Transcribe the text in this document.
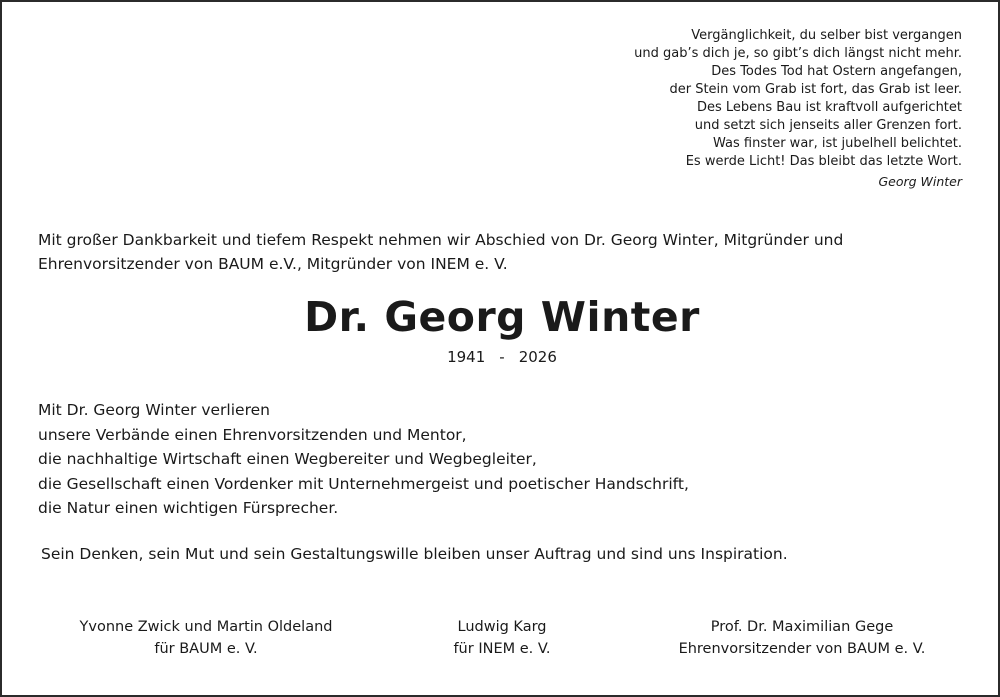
Vergänglichkeit, du selber bist vergangen
und gab’s dich je, so gibt’s dich längst nicht mehr.
Des Todes Tod hat Ostern angefangen,
der Stein vom Grab ist fort, das Grab ist leer.

Des Lebens Bau ist kraftvoll aufgerichtet
und setzt sich jenseits aller Grenzen fort.
Was finster war, ist jubelhell belichtet.
Es werde Licht! Das bleibt das letzte Wort.

Georg Winter
Mit großer Dankbarkeit und tiefem Respekt nehmen wir Abschied von Dr. Georg Winter, Mitgründer und
Ehrenvorsitzender von BAUM e.V., Mitgründer von INEM e. V.
Dr. Georg Winter
1941 - 2026
Mit Dr. Georg Winter verlieren
unsere Verbände einen Ehrenvorsitzenden und Mentor,
die nachhaltige Wirtschaft einen Wegbereiter und Wegbegleiter,
die Gesellschaft einen Vordenker mit Unternehmergeist und poetischer Handschrift,
die Natur einen wichtigen Fürsprecher.
Sein Denken, sein Mut und sein Gestaltungswille bleiben unser Auftrag und sind uns Inspiration.
Yvonne Zwick und Martin Oldeland
für BAUM e. V.
Ludwig Karg
für INEM e. V.
Prof. Dr. Maximilian Gege
Ehrenvorsitzender von BAUM e. V.
